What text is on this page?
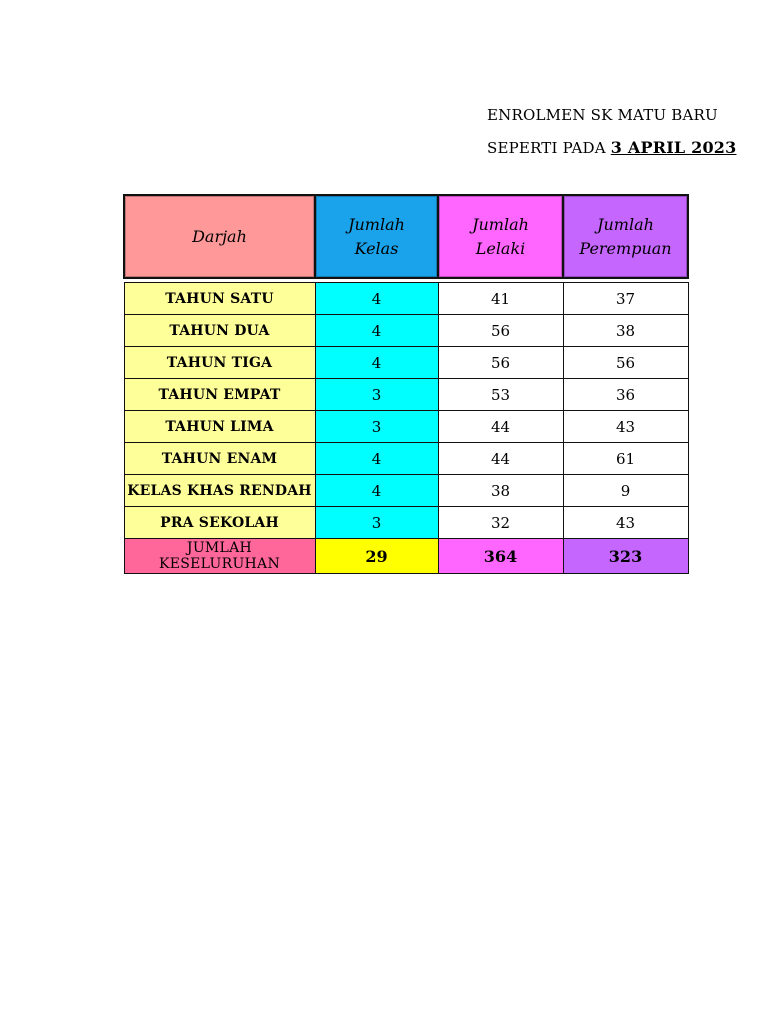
ENROLMEN SK MATU BARU
SEPERTI PADA 3 APRIL 2023
Darjah	Jumlah Kelas	Jumlah Lelaki	Jumlah Perempuan

TAHUN SATU	4	41	37
TAHUN DUA	4	56	38
TAHUN TIGA	4	56	56
TAHUN EMPAT	3	53	36
TAHUN LIMA	3	44	43
TAHUN ENAM	4	44	61
KELAS KHAS RENDAH	4	38	9
PRA SEKOLAH	3	32	43
JUMLAH KESELURUHAN	29	364	323
